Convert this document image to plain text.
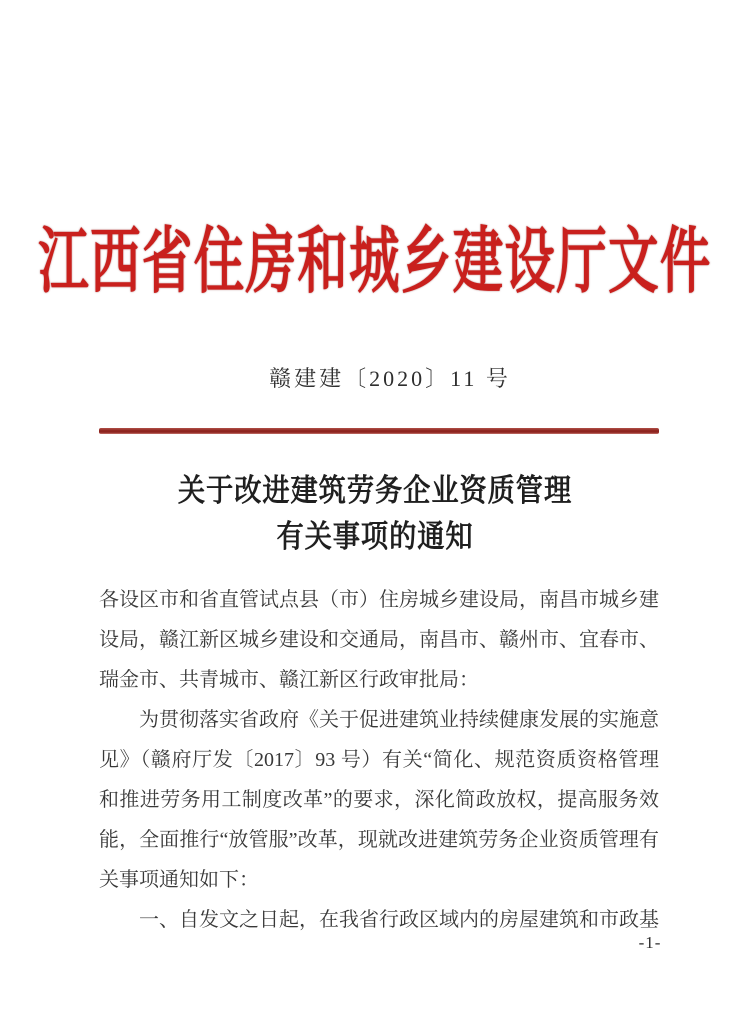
江西省住房和城乡建设厅文件
赣建建〔2020〕11 号
关于改进建筑劳务企业资质管理
有关事项的通知

各设区市和省直管试点县（市）住房城乡建设局，南昌市城乡建设局，赣江新区城乡建设和交通局，南昌市、赣州市、宜春市、瑞金市、共青城市、赣江新区行政审批局：

为贯彻落实省政府《关于促进建筑业持续健康发展的实施意见》（赣府厅发〔2017〕93 号）有关“简化、规范资质资格管理和推进劳务用工制度改革”的要求，深化简政放权，提高服务效能，全面推行“放管服”改革，现就改进建筑劳务企业资质管理有关事项通知如下：

一、自发文之日起，在我省行政区域内的房屋建筑和市政基

-1-
